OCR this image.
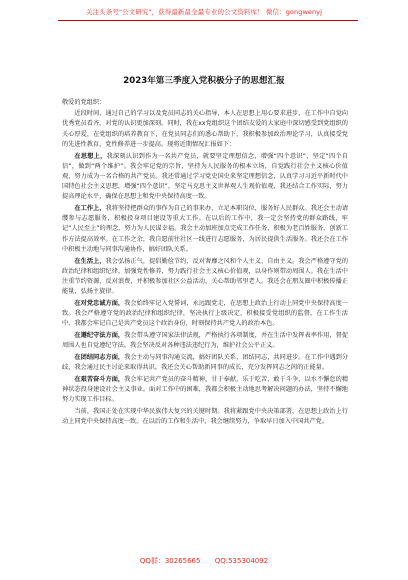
关注头条号"公文研究"，获得最新最全最专业的公文资料库！ 微信：gongwenyj
2023年第三季度入党积极分子的思想汇报
敬爱的党组织：

近段时间，通过自己的学习以及党员同志的关心指导，本人在思想上用心要求进步，在工作中自觉向优秀党员看齐，对党的认识更加深刻。同时，我在xx党组织这个团结友爱的大家庭中深切感受到党组织的关心厚爱，在党组织的培养教育下，在党员同志们的悉心帮助下，我积极参加政治理论学习，认真接受党的先进性教育，党性修养进一步提高。现将近期情况汇报如下：

在思想上，我深刻认识到作为一名共产党员，就要坚定理想信念，增强“四个意识”，坚定“四个自信”，做到“两个维护”。我会牢记党的宗旨，坚持为人民服务的根本立场，自觉践行社会主义核心价值观，努力成为一名合格的共产党员。我还常通过学习党史国史来坚定理想信念，认真学习习近平新时代中国特色社会主义思想，增强“四个意识”，坚定马克思主义世界观人生观价值观，我还结合工作实际，努力提高理论水平，确保在思想上和党中央保持高度一致。

在工作上，我将坚持把群众的事作为自己的事来办，立足本职岗位，服务好人民群众。我还会主动请缨参与志愿服务，积极投身项目建设等重大工作。在以后的工作中，我一定会坚持党的群众路线，牢记“人民至上”的理念，努力为人民谋幸福。我会主动加班加点完成工作任务，积极为老百姓服务，创新工作方法提高效率。在工作之余，我自愿前往社区一线进行志愿服务，为居民提供生活服务。我还会在工作中积极主动地与同事沟通协作，搞好团队关系。

在生活上，我会弘扬正气，提倡勤俭节约，反对奢靡之风和个人主义、自由主义。我会严格遵守党的政治纪律和组织纪律，加强党性修养，努力践行社会主义核心价值观，以身作则带动周围人。我在生活中注重节约资源，反对浪费，并积极参加社区公益活动，关心帮助邻里老人。我还会在朋友圈中积极传播正能量，弘扬主旋律。

在对党忠诚方面，我会始终牢记入党誓词，永远跟党走，在思想上政治上行动上同党中央保持高度一致。我会严格遵守党的政治纪律和组织纪律，坚决执行上级决定，积极接受党组织的监督，在工作生活中，我都会牢记自己是共产党员这个政治身份，时刻保持共产党人的政治本色。

在遵纪守法方面，我会带头遵守国家法律法规，严格执行各项制度，并在生活中发挥表率作用，督促周围人也自觉遵纪守法。我会坚决反对各种违法违纪行为，维护社会公平正义。

在团结同志方面，我会主动与同事沟通交流，搞好团队关系，团结同志，共同进步。在工作中遇到分歧，我会通过民主讨论来取得共识。我还会关心帮助新同事的成长，充分发挥同志之间的正能量。

在艰苦奋斗方面，我会牢记共产党员的奋斗精神，甘于奉献，乐于吃苦，敢于斗争，以水不懈怠的精神状态投身建设社会主义事业。面对工作中的困难，我都会积极主动地思考解决问题的办法，坚持不懈地努力实现工作目标。

当前，我国正处在实现中华民族伟大复兴的关键时期。我将紧跟党中央决策部署，在思想上政治上行动上同党中央保持高度一致。在以后的工作和生活中，我会继续努力，争取早日加入中国共产党。

QQ群：30265665 QQ:535304092
